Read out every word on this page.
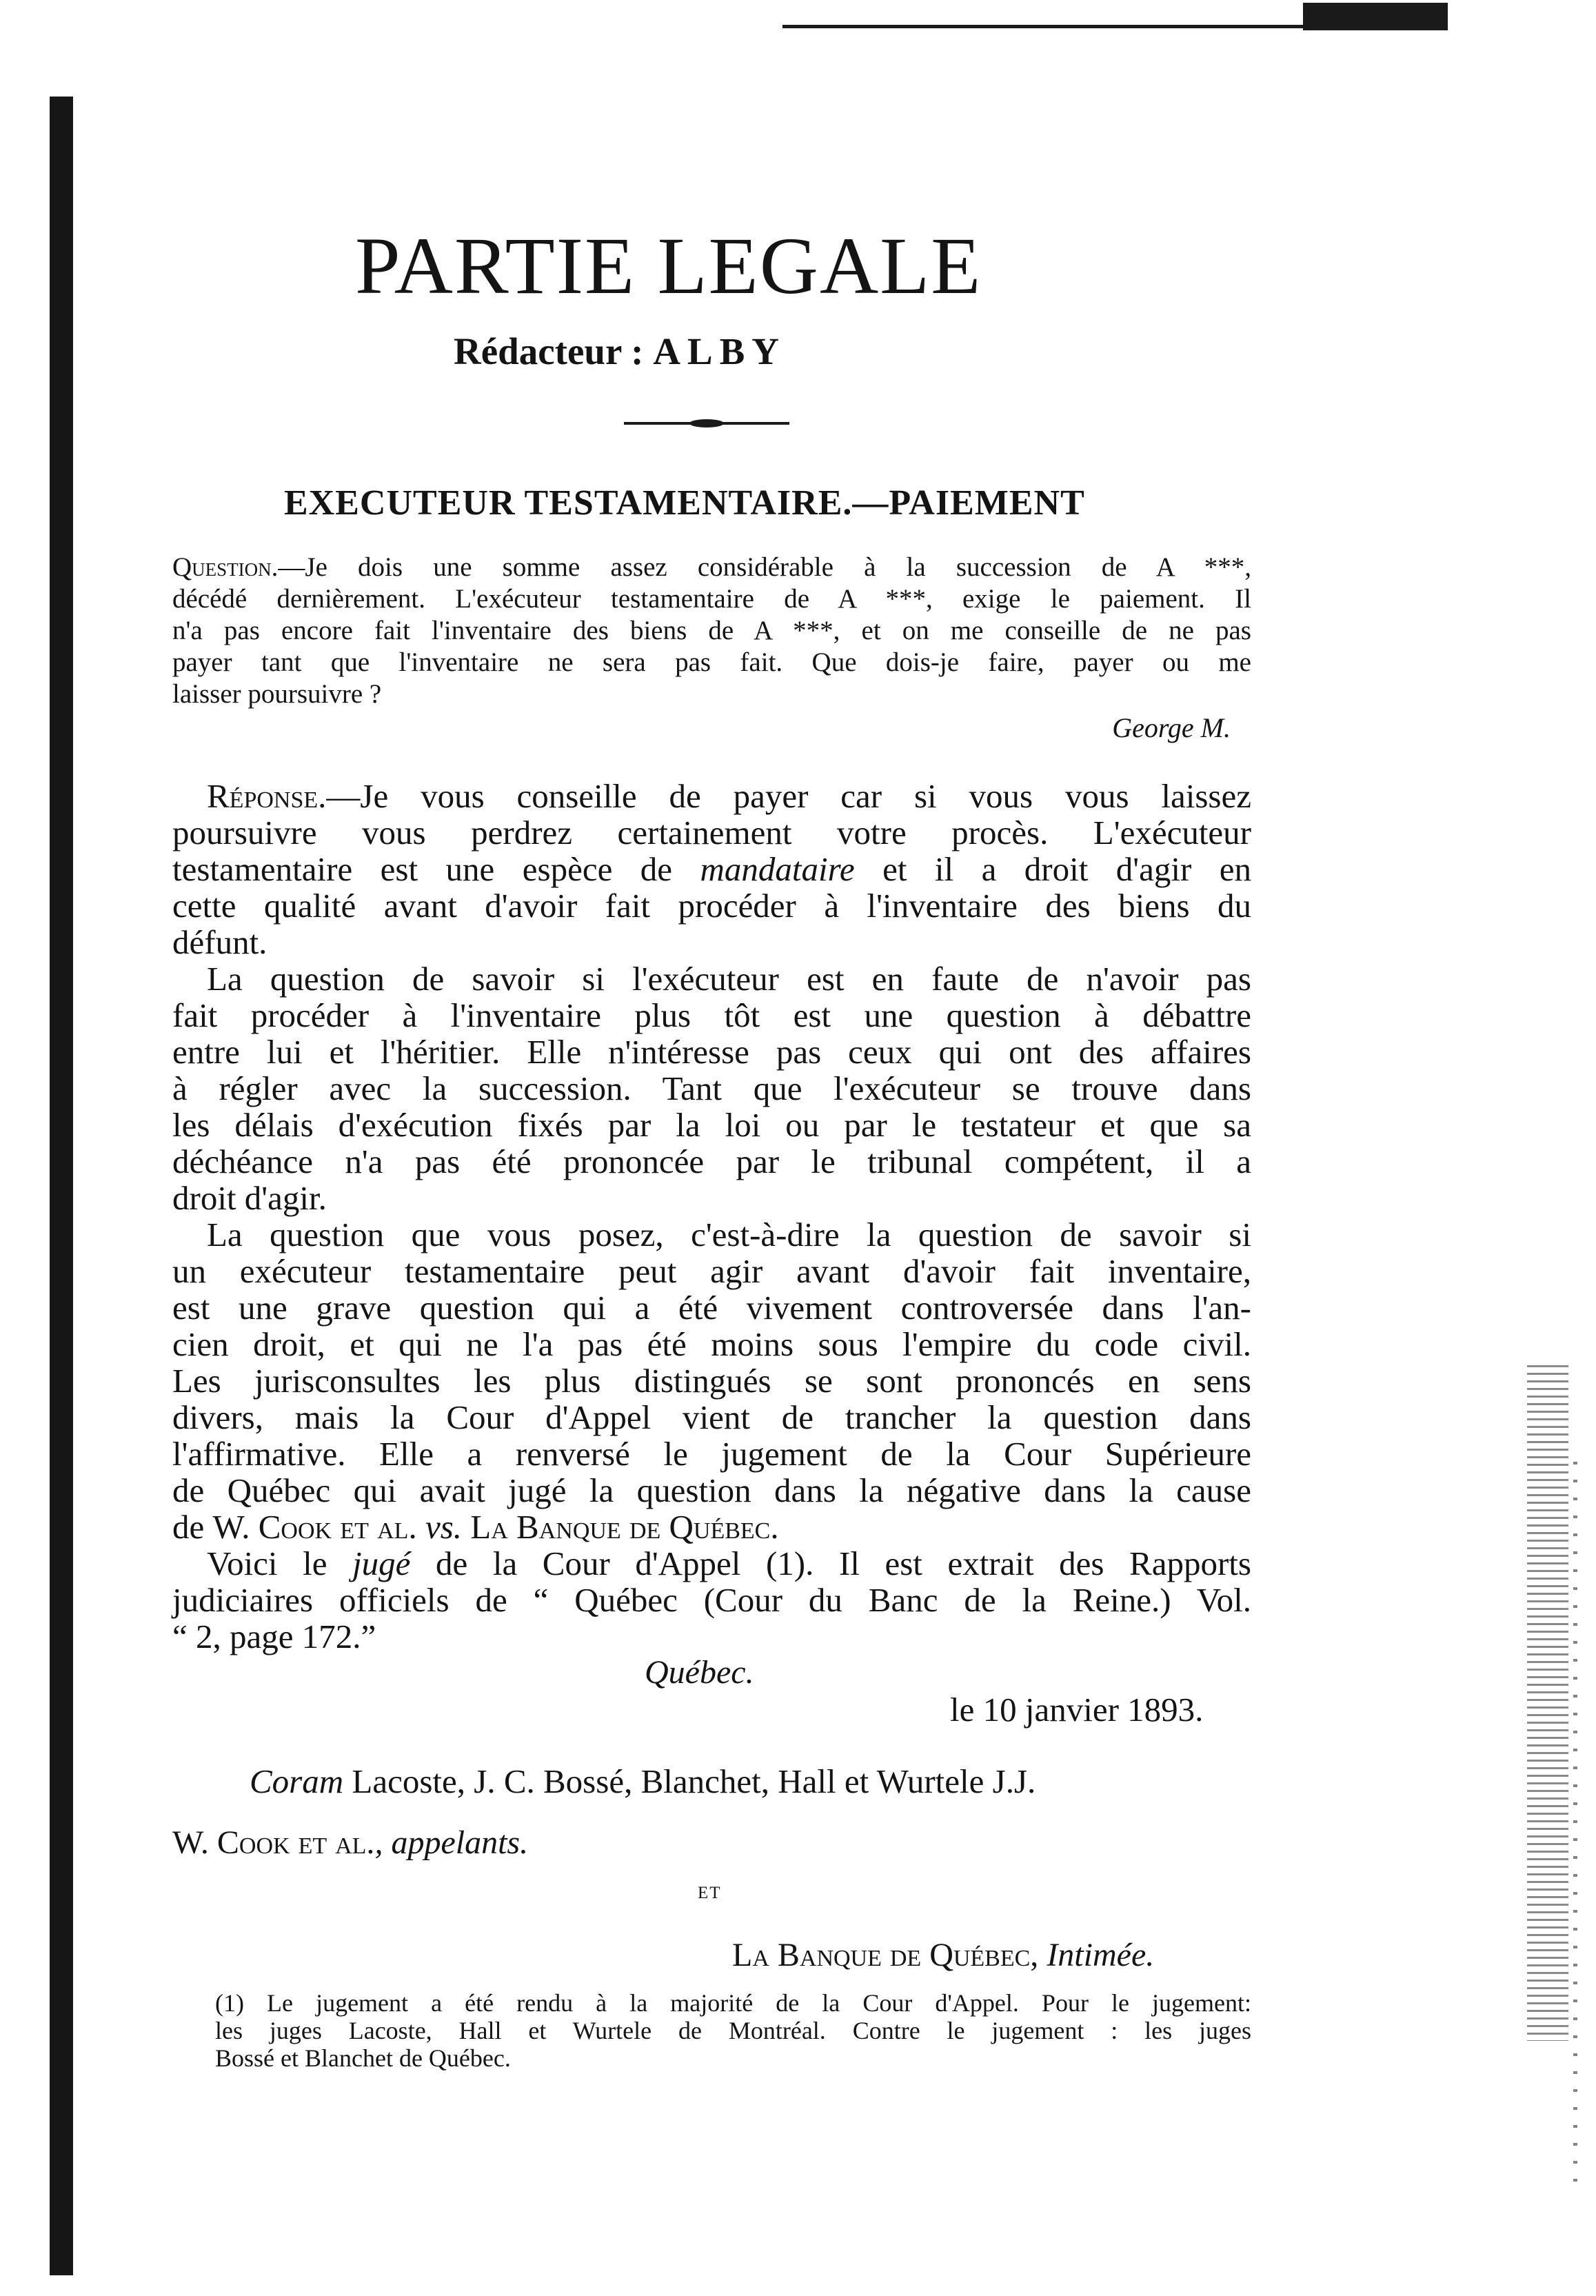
PARTIE LEGALE

Rédacteur : ALBY

EXECUTEUR TESTAMENTAIRE.—PAIEMENT

Question.—Je dois une somme assez considérable à la succession de A ***,

décédé dernièrement. L'exécuteur testamentaire de A ***, exige le paiement. Il

n'a pas encore fait l'inventaire des biens de A ***, et on me conseille de ne pas

payer tant que l'inventaire ne sera pas fait. Que dois-je faire, payer ou me

laisser poursuivre ?

George M.

Réponse.—Je vous conseille de payer car si vous vous laissez

poursuivre vous perdrez certainement votre procès. L'exécuteur

testamentaire est une espèce de mandataire et il a droit d'agir en

cette qualité avant d'avoir fait procéder à l'inventaire des biens du

défunt.

La question de savoir si l'exécuteur est en faute de n'avoir pas

fait procéder à l'inventaire plus tôt est une question à débattre

entre lui et l'héritier. Elle n'intéresse pas ceux qui ont des affaires

à régler avec la succession. Tant que l'exécuteur se trouve dans

les délais d'exécution fixés par la loi ou par le testateur et que sa

déchéance n'a pas été prononcée par le tribunal compétent, il a

droit d'agir.

La question que vous posez, c'est-à-dire la question de savoir si

un exécuteur testamentaire peut agir avant d'avoir fait inventaire,

est une grave question qui a été vivement controversée dans l'an-

cien droit, et qui ne l'a pas été moins sous l'empire du code civil.

Les jurisconsultes les plus distingués se sont prononcés en sens

divers, mais la Cour d'Appel vient de trancher la question dans

l'affirmative. Elle a renversé le jugement de la Cour Supérieure

de Québec qui avait jugé la question dans la négative dans la cause

de W. Cook et al. vs. La Banque de Québec.

Voici le jugé de la Cour d'Appel (1). Il est extrait des Rapports

judiciaires officiels de “ Québec (Cour du Banc de la Reine.) Vol.

“ 2, page 172.”

Québec.

le 10 janvier 1893.

Coram Lacoste, J. C. Bossé, Blanchet, Hall et Wurtele J.J.

W. Cook et al., appelants.

et

La Banque de Québec, Intimée.

(1) Le jugement a été rendu à la majorité de la Cour d'Appel. Pour le jugement:

les juges Lacoste, Hall et Wurtele de Montréal. Contre le jugement : les juges

Bossé et Blanchet de Québec.
